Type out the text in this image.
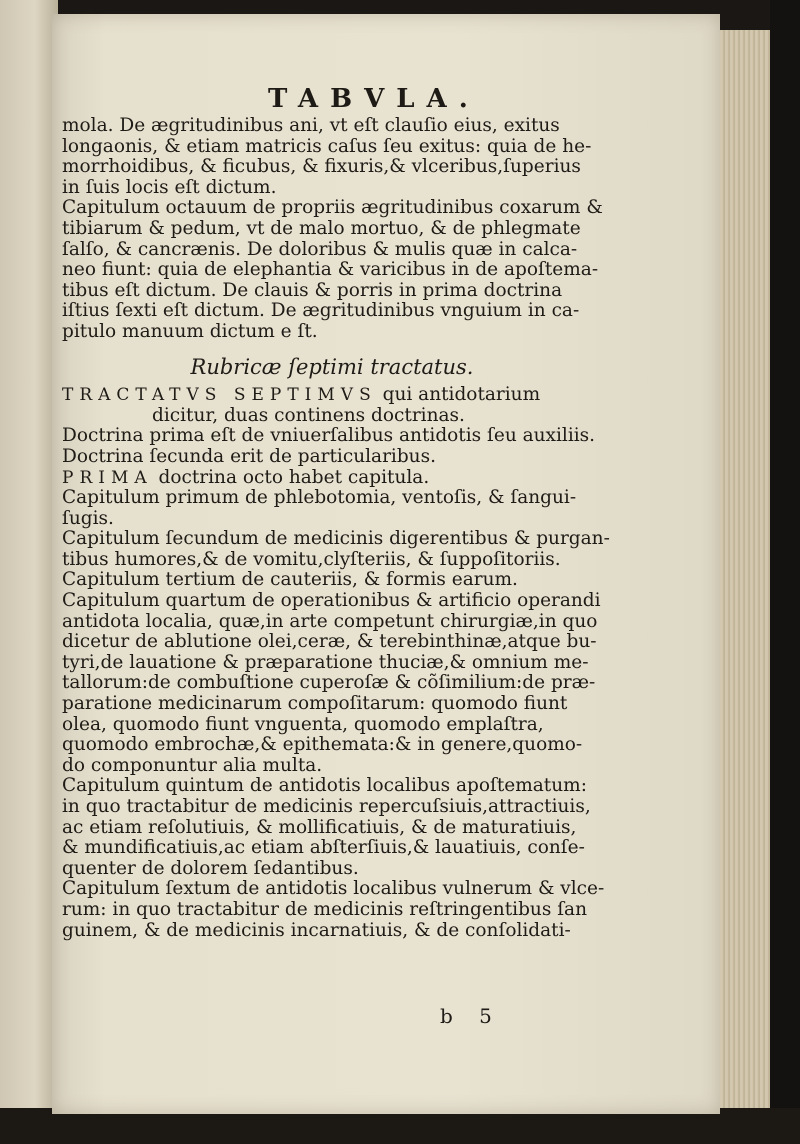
TABVLA.
mola. De ægritudinibus ani, vt eſt clauſio eius, exitus
longaonis, & etiam matricis caſus ſeu exitus: quia de he-
morrhoidibus, & ficubus, & fixuris,& vlceribus,ſuperius
in ſuis locis eſt dictum.
Capitulum octauum de propriis ægritudinibus coxarum &
tibiarum & pedum, vt de malo mortuo, & de phlegmate
ſalſo, & cancrænis. De doloribus & mulis quæ in calca-
neo fiunt: quia de elephantia & varicibus in de apoſtema-
tibus eſt dictum. De clauis & porris in prima doctrina
iſtius ſexti eſt dictum. De ægritudinibus vnguium in ca-
pitulo manuum dictum e ſt.
Rubricæ ſeptimi tractatus.
TRACTATVS SEPTIMVS qui antidotarium
dicitur, duas continens doctrinas.
Doctrina prima eſt de vniuerſalibus antidotis ſeu auxiliis.
Doctrina ſecunda erit de particularibus.
PRIMA doctrina octo habet capitula.
Capitulum primum de phlebotomia, ventoſis, & ſangui-
ſugis.
Capitulum ſecundum de medicinis digerentibus & purgan-
tibus humores,& de vomitu,clyſteriis, & ſuppoſitoriis.
Capitulum tertium de cauteriis, & formis earum.
Capitulum quartum de operationibus & artificio operandi
antidota localia, quæ,in arte competunt chirurgiæ,in quo
dicetur de ablutione olei,ceræ, & terebinthinæ,atque bu-
tyri,de lauatione & præparatione thuciæ,& omnium me-
tallorum:de combuſtione cuperoſæ & cõſimilium:de præ-
paratione medicinarum compoſitarum: quomodo fiunt
olea, quomodo fiunt vnguenta, quomodo emplaſtra,
quomodo embrochæ,& epithemata:& in genere,quomo-
do componuntur alia multa.
Capitulum quintum de antidotis localibus apoſtematum:
in quo tractabitur de medicinis repercuſsiuis,attractiuis,
ac etiam reſolutiuis, & mollificatiuis, & de maturatiuis,
& mundificatiuis,ac etiam abſterſiuis,& lauatiuis, conſe-
quenter de dolorem ſedantibus.
Capitulum ſextum de antidotis localibus vulnerum & vlce-
rum: in quo tractabitur de medicinis reſtringentibus ſan
guinem, & de medicinis incarnatiuis, & de conſolidati-
b 5
